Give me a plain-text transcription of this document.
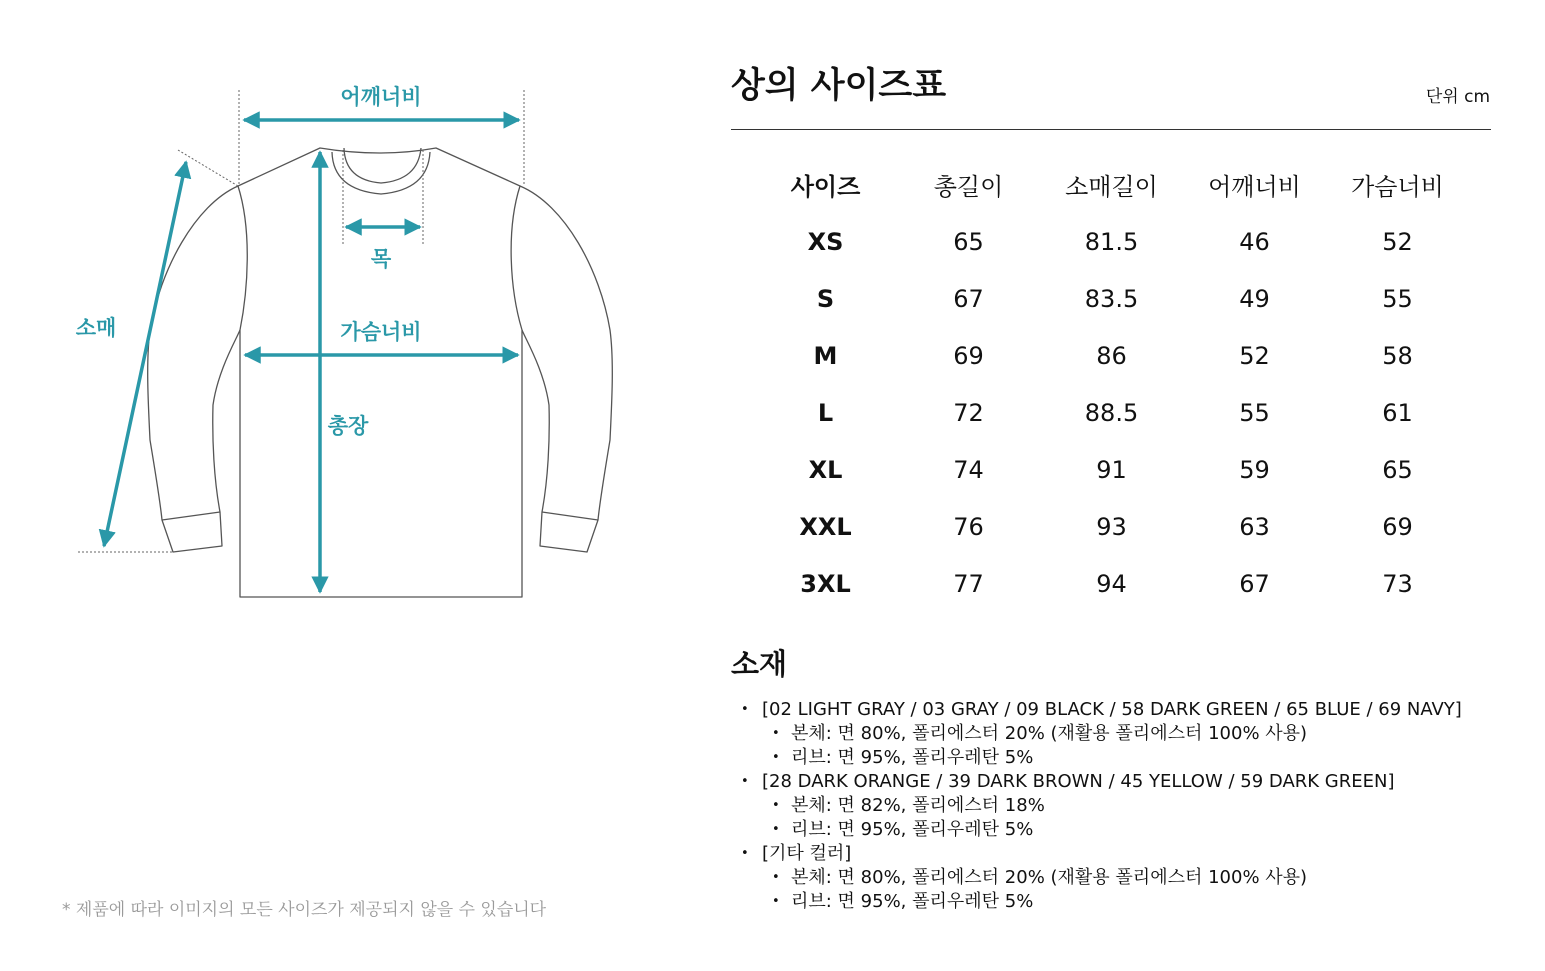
어깨너비
목
가슴너비
총장
소매
* 제품에 따라 이미지의 모든 사이즈가 제공되지 않을 수 있습니다
상의 사이즈표	단위 cm
사이즈	총길이	소매길이	어깨너비	가슴너비
XS	65	81.5	46	52
S	67	83.5	49	55
M	69	86	52	58
L	72	88.5	55	61
XL	74	91	59	65
XXL	76	93	63	69
3XL	77	94	67	73
소재
• [02 LIGHT GRAY / 03 GRAY / 09 BLACK / 58 DARK GREEN / 65 BLUE / 69 NAVY]
• 본체: 면 80%, 폴리에스터 20% (재활용 폴리에스터 100% 사용)
• 리브: 면 95%, 폴리우레탄 5%
• [28 DARK ORANGE / 39 DARK BROWN / 45 YELLOW / 59 DARK GREEN]
• 본체: 면 82%, 폴리에스터 18%
• 리브: 면 95%, 폴리우레탄 5%
• [기타 컬러]
• 본체: 면 80%, 폴리에스터 20% (재활용 폴리에스터 100% 사용)
• 리브: 면 95%, 폴리우레탄 5%
